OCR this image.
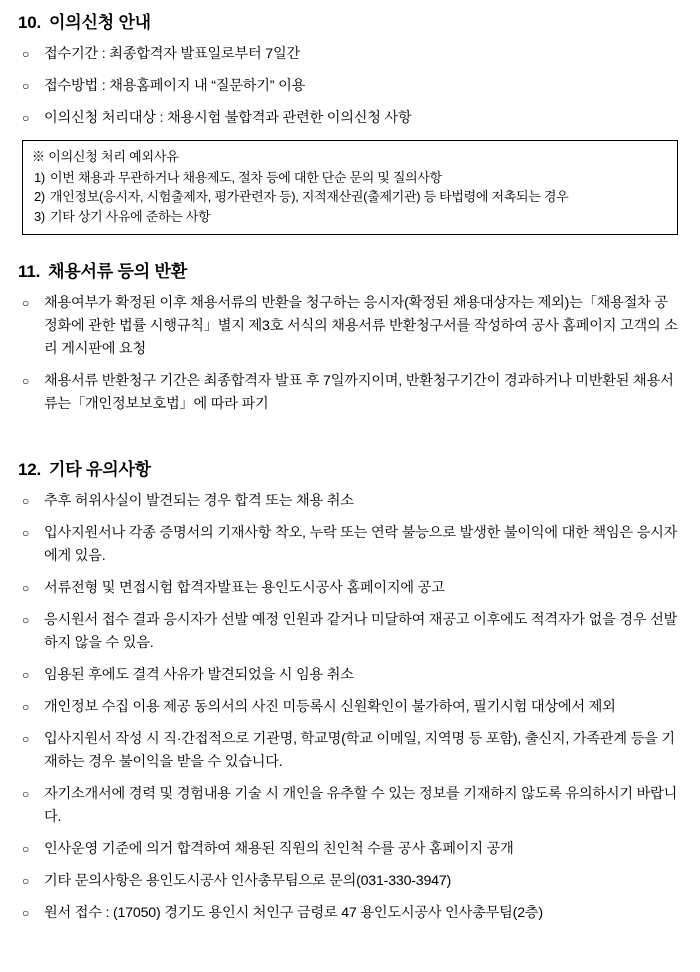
10. 이의신청 안내
○ 접수기간 : 최종합격자 발표일로부터 7일간
○ 접수방법 : 채용홈페이지 내 “질문하기” 이용
○ 이의신청 처리대상 : 채용시험 불합격과 관련한 이의신청 사항
※ 이의신청 처리 예외사유
1) 이번 채용과 무관하거나 채용제도, 절차 등에 대한 단순 문의 및 질의사항
2) 개인정보(응시자, 시험출제자, 평가관련자 등), 지적재산권(출제기관) 등 타법령에 저촉되는 경우
3) 기타 상기 사유에 준하는 사항
11. 채용서류 등의 반환
○ 채용여부가 확정된 이후 채용서류의 반환을 청구하는 응시자(확정된 채용대상자는 제외)는「채용절차 공정화에 관한 법률 시행규칙」별지 제3호 서식의 채용서류 반환청구서를 작성하여 공사 홈페이지 고객의 소리 게시판에 요청
○ 채용서류 반환청구 기간은 최종합격자 발표 후 7일까지이며, 반환청구기간이 경과하거나 미반환된 채용서류는「개인정보보호법」에 따라 파기
12. 기타 유의사항
○ 추후 허위사실이 발견되는 경우 합격 또는 채용 취소
○ 입사지원서나 각종 증명서의 기재사항 착오, 누락 또는 연락 불능으로 발생한 불이익에 대한 책임은 응시자에게 있음.
○ 서류전형 및 면접시험 합격자발표는 용인도시공사 홈페이지에 공고
○ 응시원서 접수 결과 응시자가 선발 예정 인원과 같거나 미달하여 재공고 이후에도 적격자가 없을 경우 선발하지 않을 수 있음.
○ 임용된 후에도 결격 사유가 발견되었을 시 임용 취소
○ 개인정보 수집 이용 제공 동의서의 사진 미등록시 신원확인이 불가하여, 필기시험 대상에서 제외
○ 입사지원서 작성 시 직·간접적으로 기관명, 학교명(학교 이메일, 지역명 등 포함), 출신지, 가족관계 등을 기재하는 경우 불이익을 받을 수 있습니다.
○ 자기소개서에 경력 및 경험내용 기술 시 개인을 유추할 수 있는 정보를 기재하지 않도록 유의하시기 바랍니다.
○ 인사운영 기준에 의거 합격하여 채용된 직원의 친인척 수를 공사 홈페이지 공개
○ 기타 문의사항은 용인도시공사 인사총무팀으로 문의(031-330-3947)
○ 원서 접수 : (17050) 경기도 용인시 처인구 금령로 47 용인도시공사 인사총무팀(2층)
